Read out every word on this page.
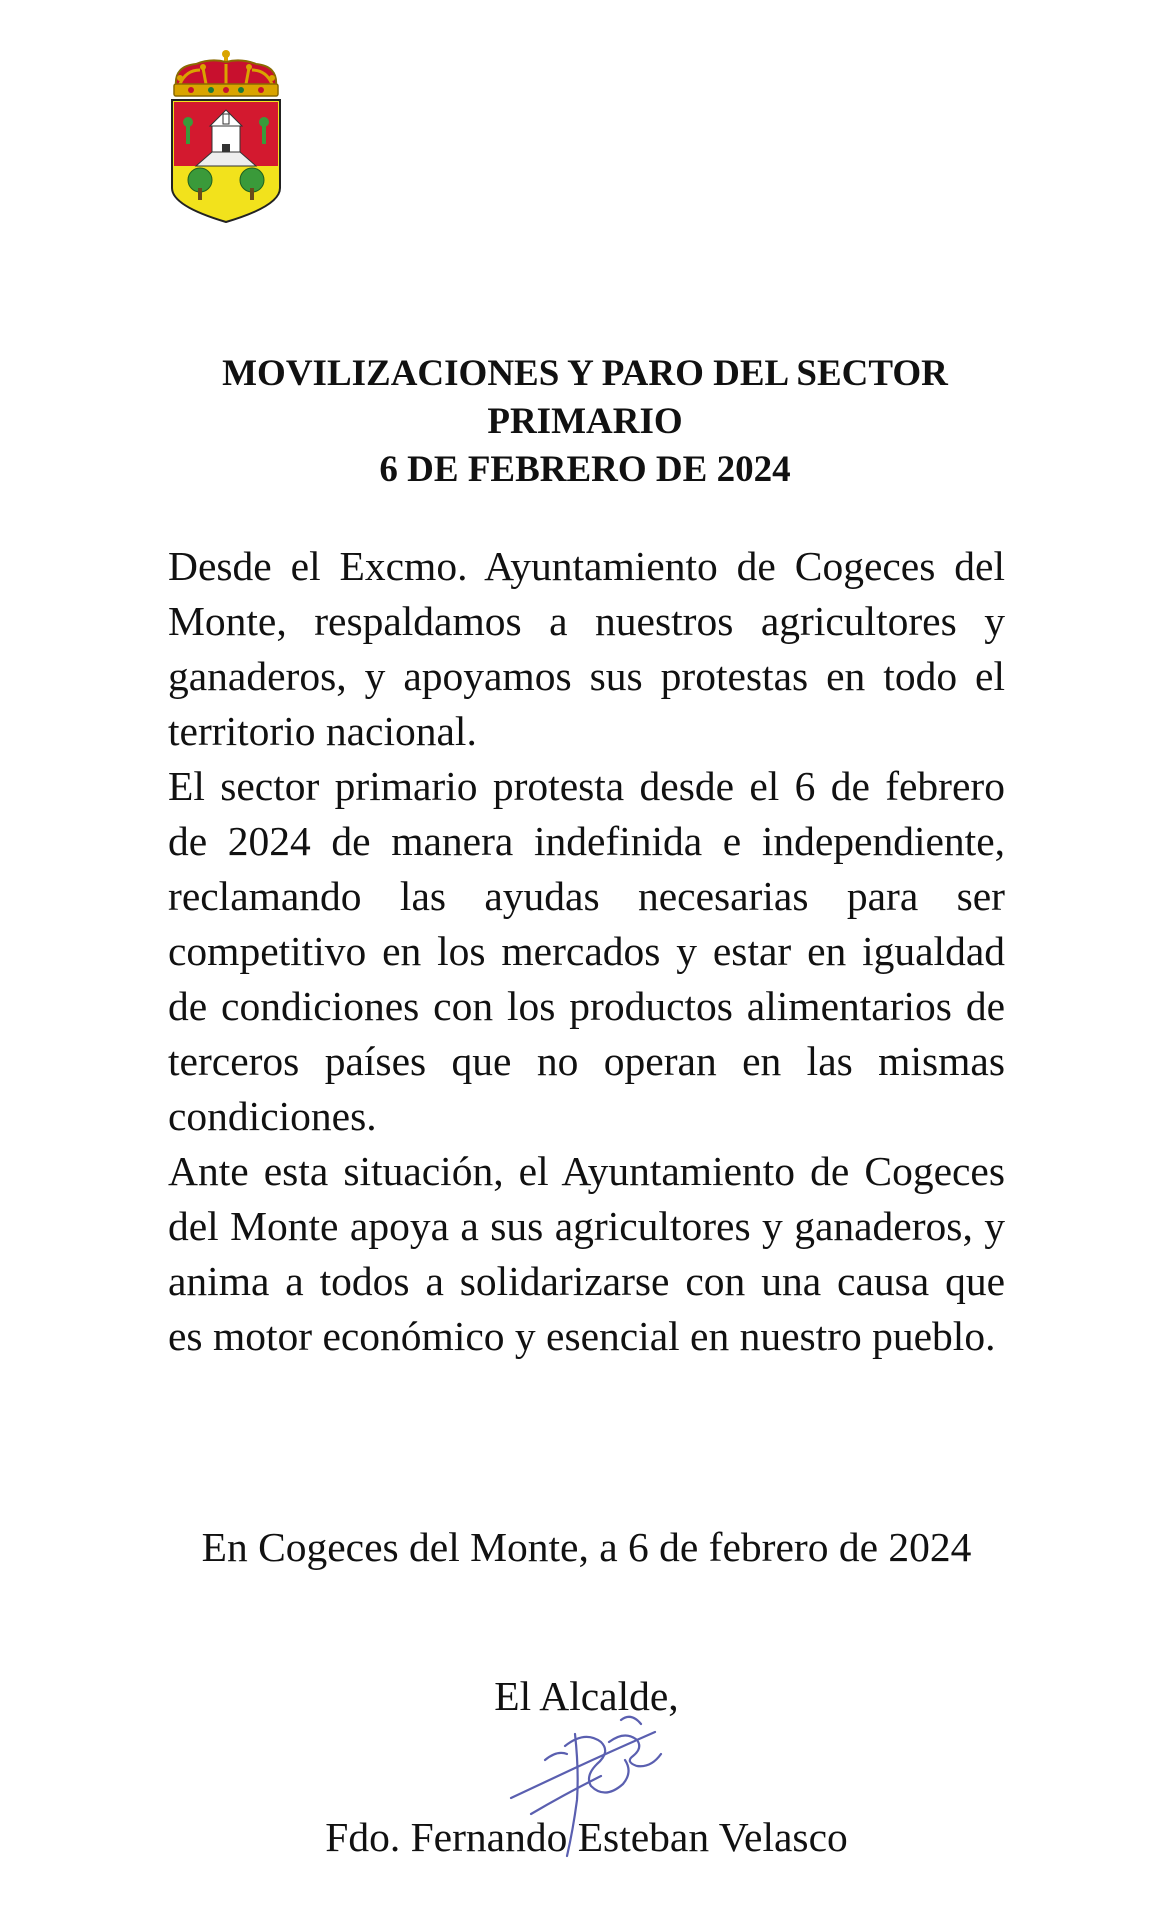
MOVILIZACIONES Y PARO DEL SECTOR
PRIMARIO
6 DE FEBRERO DE 2024

Desde el Excmo. Ayuntamiento de Cogeces del Monte, respaldamos a nuestros agricultores y ganaderos, y apoyamos sus protestas en todo el territorio nacional.

El sector primario protesta desde el 6 de febrero de 2024 de manera indefinida e independiente, reclamando las ayudas necesarias para ser competitivo en los mercados y estar en igualdad de condiciones con los productos alimentarios de terceros países que no operan en las mismas condiciones.

Ante esta situación, el Ayuntamiento de Cogeces del Monte apoya a sus agricultores y ganaderos, y anima a todos a solidarizarse con una causa que es motor económico y esencial en nuestro pueblo.

En Cogeces del Monte, a 6 de febrero de 2024

El Alcalde,

Fdo. Fernando Esteban Velasco
